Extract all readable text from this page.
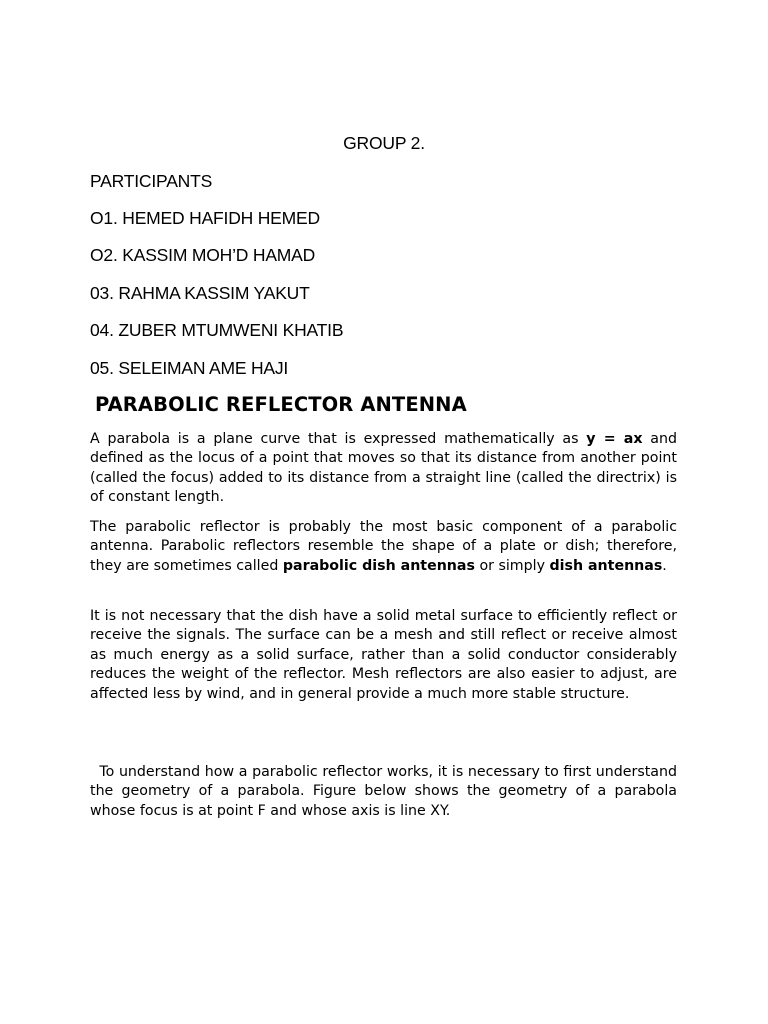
GROUP 2.

PARTICIPANTS

O1. HEMED HAFIDH HEMED

O2. KASSIM MOH’D HAMAD

03. RAHMA KASSIM YAKUT

04. ZUBER MTUMWENI KHATIB

05. SELEIMAN AME HAJI

PARABOLIC REFLECTOR ANTENNA

A parabola is a plane curve that is expressed mathematically as y = ax and defined as the locus of a point that moves so that its distance from another point (called the focus) added to its distance from a straight line (called the directrix) is of constant length.

The parabolic reflector is probably the most basic component of a parabolic antenna. Parabolic reflectors resemble the shape of a plate or dish; therefore, they are sometimes called parabolic dish antennas or simply dish antennas.

It is not necessary that the dish have a solid metal surface to efficiently reflect or receive the signals. The surface can be a mesh and still reflect or receive almost as much energy as a solid surface, rather than a solid conductor considerably reduces the weight of the reflector. Mesh reflectors are also easier to adjust, are affected less by wind, and in general provide a much more stable structure.

To understand how a parabolic reflector works, it is necessary to first understand the geometry of a parabola. Figure below shows the geometry of a parabola whose focus is at point F and whose axis is line XY.
